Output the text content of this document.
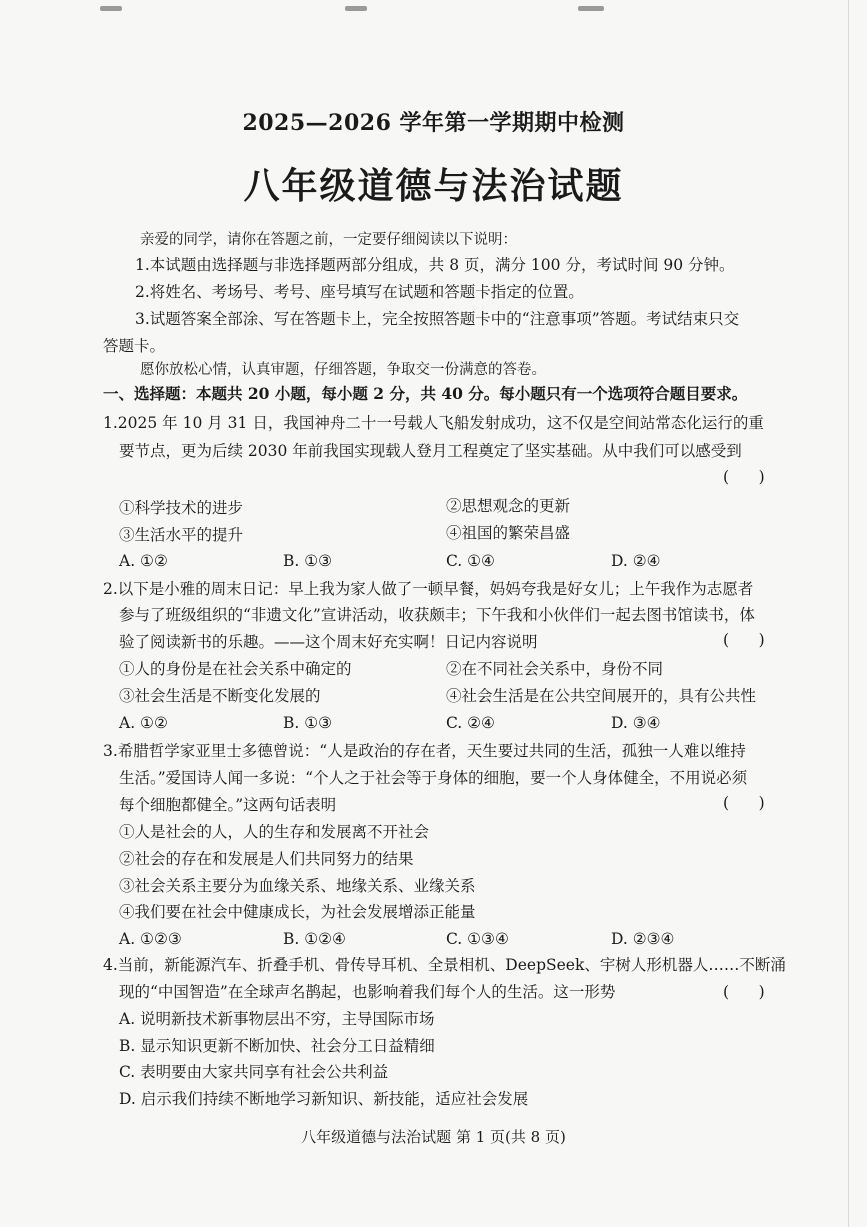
2025—2026 学年第一学期期中检测
八年级道德与法治试题
亲爱的同学，请你在答题之前，一定要仔细阅读以下说明：
1.本试题由选择题与非选择题两部分组成，共 8 页，满分 100 分，考试时间 90 分钟。
2.将姓名、考场号、考号、座号填写在试题和答题卡指定的位置。
3.试题答案全部涂、写在答题卡上，完全按照答题卡中的“注意事项”答题。考试结束只交
答题卡。
愿你放松心情，认真审题，仔细答题，争取交一份满意的答卷。
一、选择题：本题共 20 小题，每小题 2 分，共 40 分。每小题只有一个选项符合题目要求。
1.2025 年 10 月 31 日，我国神舟二十一号载人飞船发射成功，这不仅是空间站常态化运行的重
要节点，更为后续 2030 年前我国实现载人登月工程奠定了坚实基础。从中我们可以感受到
(      )
①科学技术的进步	②思想观念的更新
③生活水平的提升	④祖国的繁荣昌盛
A. ①②	B. ①③	C. ①④	D. ②④
2.以下是小雅的周末日记：早上我为家人做了一顿早餐，妈妈夸我是好女儿；上午我作为志愿者
参与了班级组织的“非遗文化”宣讲活动，收获颇丰；下午我和小伙伴们一起去图书馆读书，体
验了阅读新书的乐趣。——这个周末好充实啊！日记内容说明	(      )
①人的身份是在社会关系中确定的	②在不同社会关系中，身份不同
③社会生活是不断变化发展的	④社会生活是在公共空间展开的，具有公共性
A. ①②	B. ①③	C. ②④	D. ③④
3.希腊哲学家亚里士多德曾说：“人是政治的存在者，天生要过共同的生活，孤独一人难以维持
生活。”爱国诗人闻一多说：“个人之于社会等于身体的细胞，要一个人身体健全，不用说必须
每个细胞都健全。”这两句话表明	(      )
①人是社会的人，人的生存和发展离不开社会
②社会的存在和发展是人们共同努力的结果
③社会关系主要分为血缘关系、地缘关系、业缘关系
④我们要在社会中健康成长，为社会发展增添正能量
A. ①②③	B. ①②④	C. ①③④	D. ②③④
4.当前，新能源汽车、折叠手机、骨传导耳机、全景相机、DeepSeek、宇树人形机器人……不断涌
现的“中国智造”在全球声名鹊起，也影响着我们每个人的生活。这一形势	(      )
A. 说明新技术新事物层出不穷，主导国际市场
B. 显示知识更新不断加快、社会分工日益精细
C. 表明要由大家共同享有社会公共利益
D. 启示我们持续不断地学习新知识、新技能，适应社会发展
八年级道德与法治试题 第 1 页(共 8 页)
